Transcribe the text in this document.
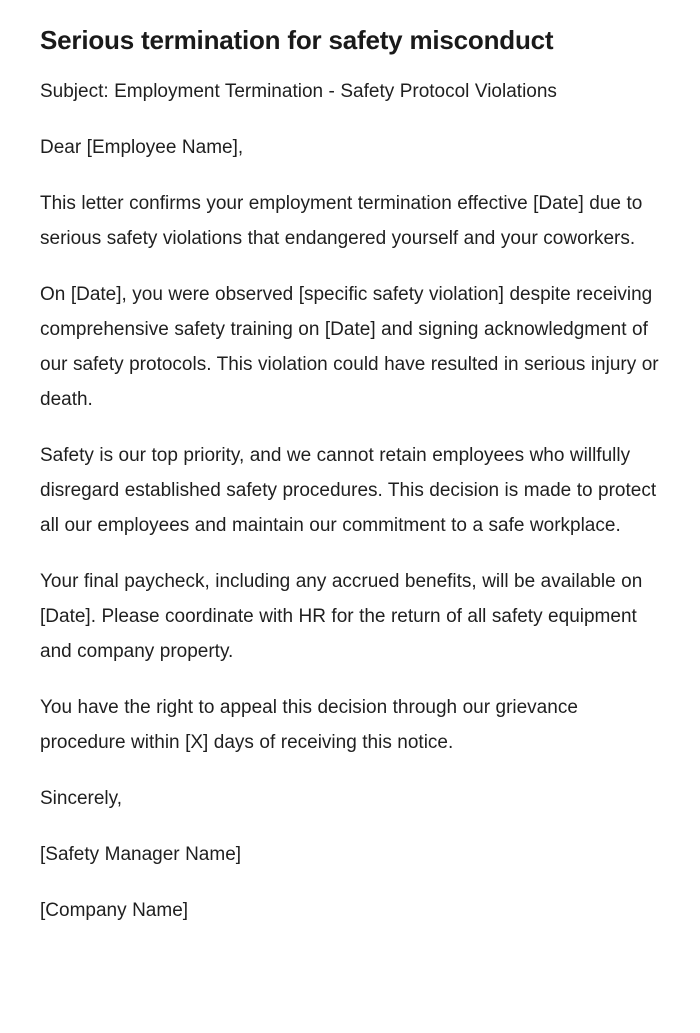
Serious termination for safety misconduct

Subject: Employment Termination - Safety Protocol Violations

Dear [Employee Name],

This letter confirms your employment termination effective [Date] due to serious safety violations that endangered yourself and your coworkers.

On [Date], you were observed [specific safety violation] despite receiving comprehensive safety training on [Date] and signing acknowledgment of our safety protocols. This violation could have resulted in serious injury or death.

Safety is our top priority, and we cannot retain employees who willfully disregard established safety procedures. This decision is made to protect all our employees and maintain our commitment to a safe workplace.

Your final paycheck, including any accrued benefits, will be available on [Date]. Please coordinate with HR for the return of all safety equipment and company property.

You have the right to appeal this decision through our grievance procedure within [X] days of receiving this notice.

Sincerely,

[Safety Manager Name]

[Company Name]
